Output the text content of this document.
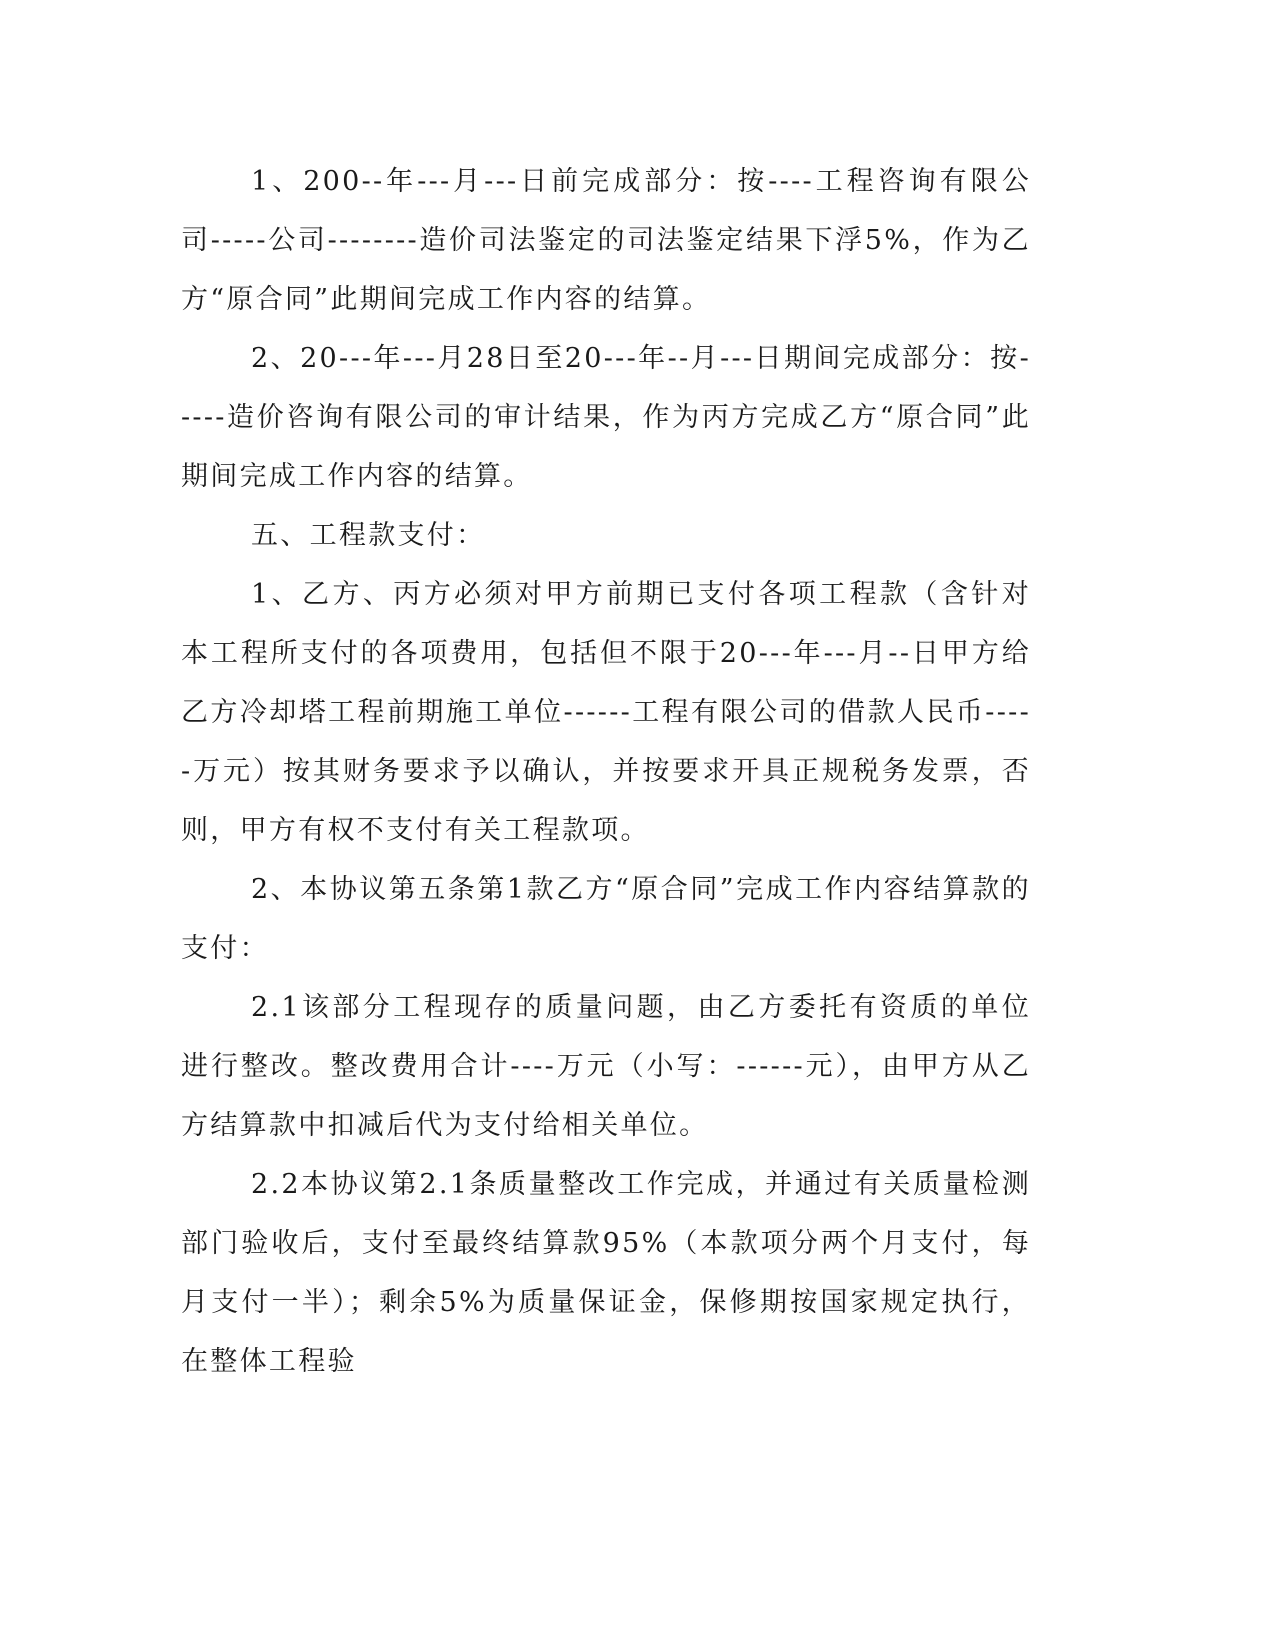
1、200--年---月---日前完成部分：按----工程咨询有限公司-----公司--------造价司法鉴定的司法鉴定结果下浮5%，作为乙方“原合同”此期间完成工作内容的结算。

2、20---年---月28日至20---年--月---日期间完成部分：按-----造价咨询有限公司的审计结果，作为丙方完成乙方“原合同”此期间完成工作内容的结算。

五、工程款支付：

1、乙方、丙方必须对甲方前期已支付各项工程款（含针对本工程所支付的各项费用，包括但不限于20---年---月--日甲方给乙方冷却塔工程前期施工单位------工程有限公司的借款人民币-----万元）按其财务要求予以确认，并按要求开具正规税务发票，否则，甲方有权不支付有关工程款项。

2、本协议第五条第1款乙方“原合同”完成工作内容结算款的支付：

2.1该部分工程现存的质量问题，由乙方委托有资质的单位进行整改。整改费用合计----万元（小写：------元），由甲方从乙方结算款中扣减后代为支付给相关单位。

2.2本协议第2.1条质量整改工作完成，并通过有关质量检测部门验收后，支付至最终结算款95%（本款项分两个月支付，每月支付一半）；剩余5%为质量保证金，保修期按国家规定执行，在整体工程验
